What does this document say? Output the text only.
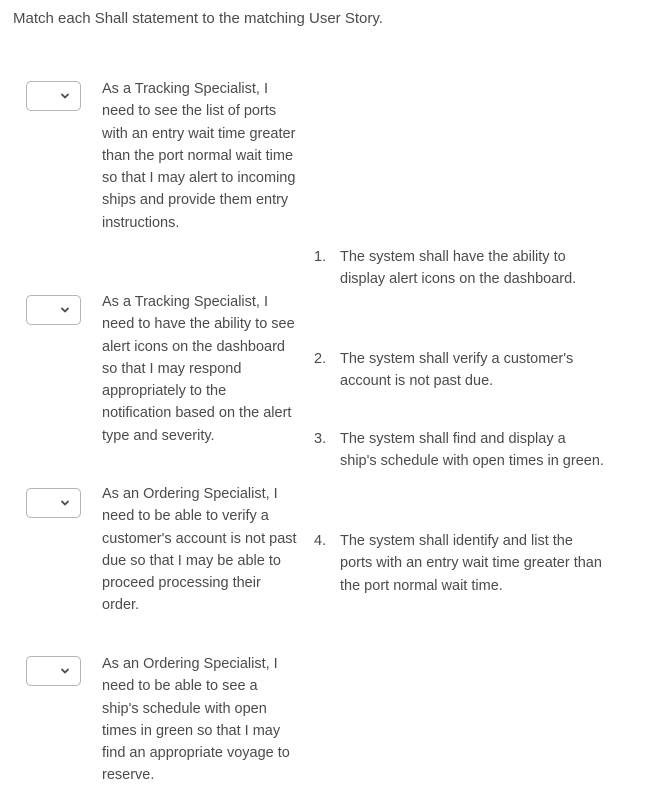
Match each Shall statement to the matching User Story.
As a Tracking Specialist, I need to see the list of ports with an entry wait time greater than the port normal wait time so that I may alert to incoming ships and provide them entry instructions.
As a Tracking Specialist, I need to have the ability to see alert icons on the dashboard so that I may respond appropriately to the notification based on the alert type and severity.
As an Ordering Specialist, I need to be able to verify a customer's account is not past due so that I may be able to proceed processing their order.
As an Ordering Specialist, I need to be able to see a ship's schedule with open times in green so that I may find an appropriate voyage to reserve.
1. The system shall have the ability to display alert icons on the dashboard.
2. The system shall verify a customer's account is not past due.
3. The system shall find and display a ship's schedule with open times in green.
4. The system shall identify and list the ports with an entry wait time greater than the port normal wait time.
